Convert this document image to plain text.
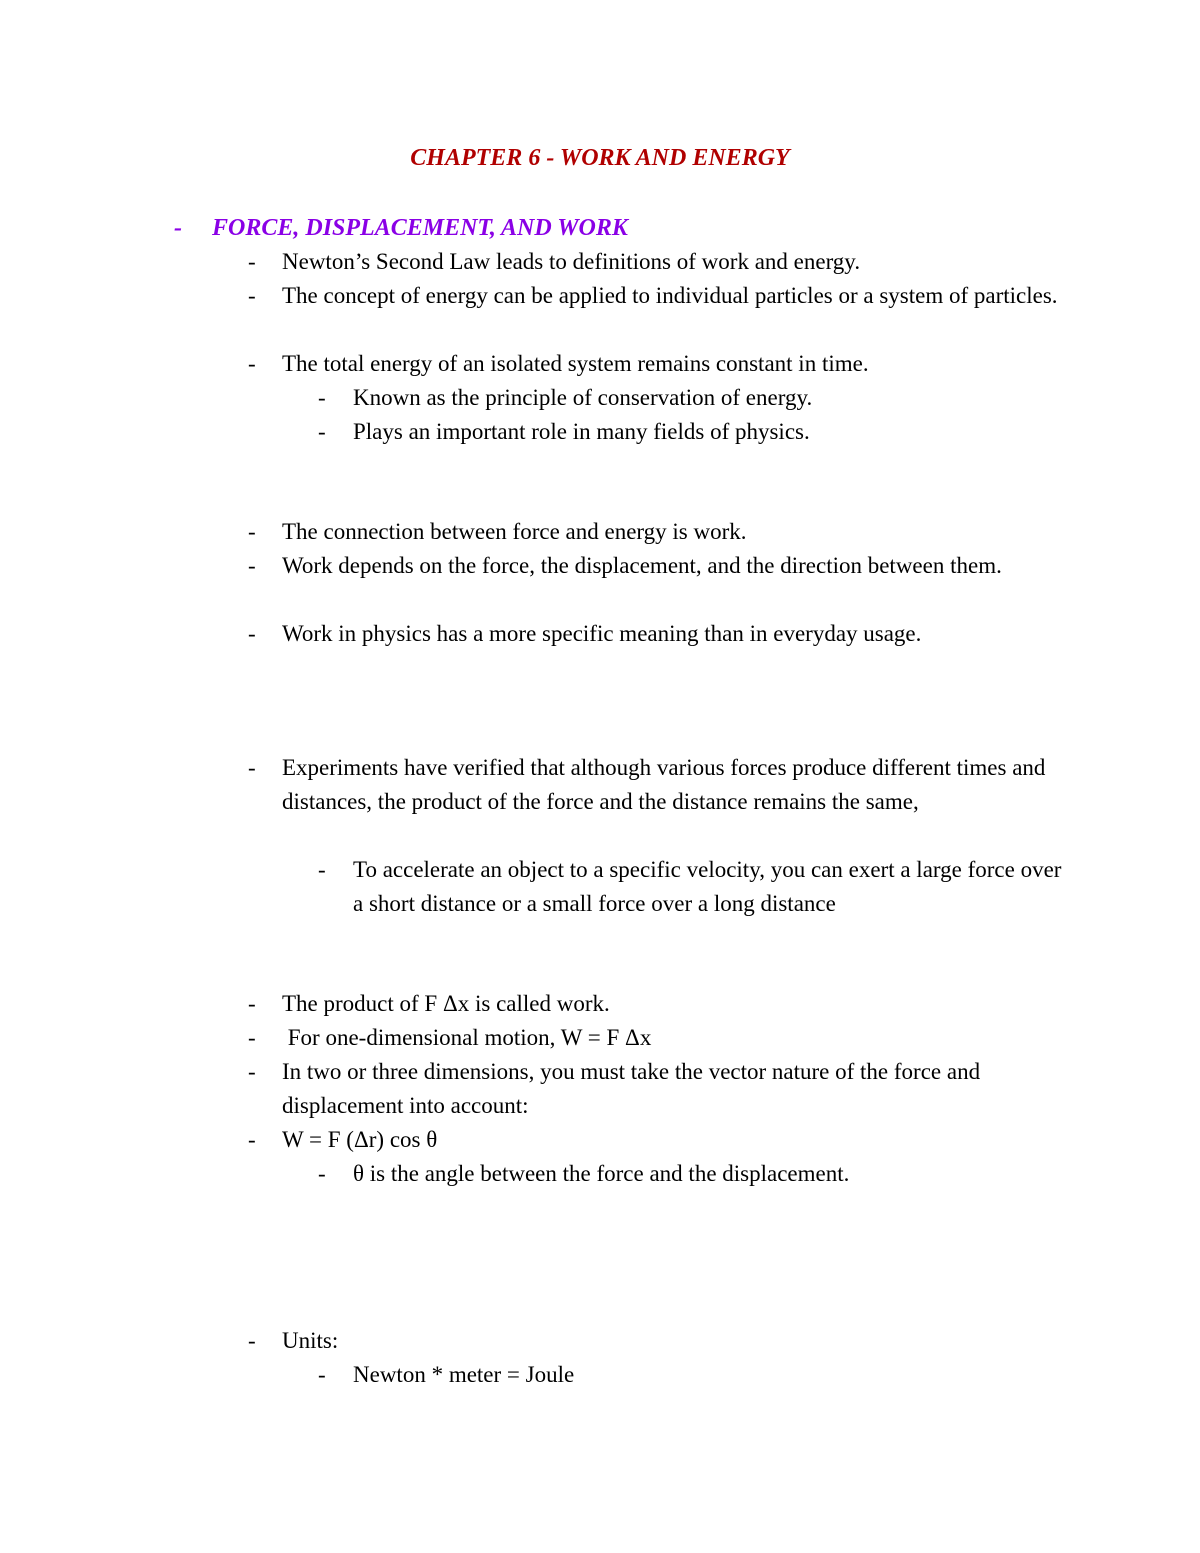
CHAPTER 6 - WORK AND ENERGY
- FORCE, DISPLACEMENT, AND WORK
- Newton’s Second Law leads to definitions of work and energy.
- The concept of energy can be applied to individual particles or a system of particles.
- The total energy of an isolated system remains constant in time.
- Known as the principle of conservation of energy.
- Plays an important role in many fields of physics.
- The connection between force and energy is work.
- Work depends on the force, the displacement, and the direction between them.
- Work in physics has a more specific meaning than in everyday usage.
- Experiments have verified that although various forces produce different times and distances, the product of the force and the distance remains the same,
- To accelerate an object to a specific velocity, you can exert a large force over a short distance or a small force over a long distance
- The product of F Δx is called work.
- For one-dimensional motion, W = F Δx
- In two or three dimensions, you must take the vector nature of the force and displacement into account:
- W = F (Δr) cos θ
- θ is the angle between the force and the displacement.
- Units:
- Newton * meter = Joule
